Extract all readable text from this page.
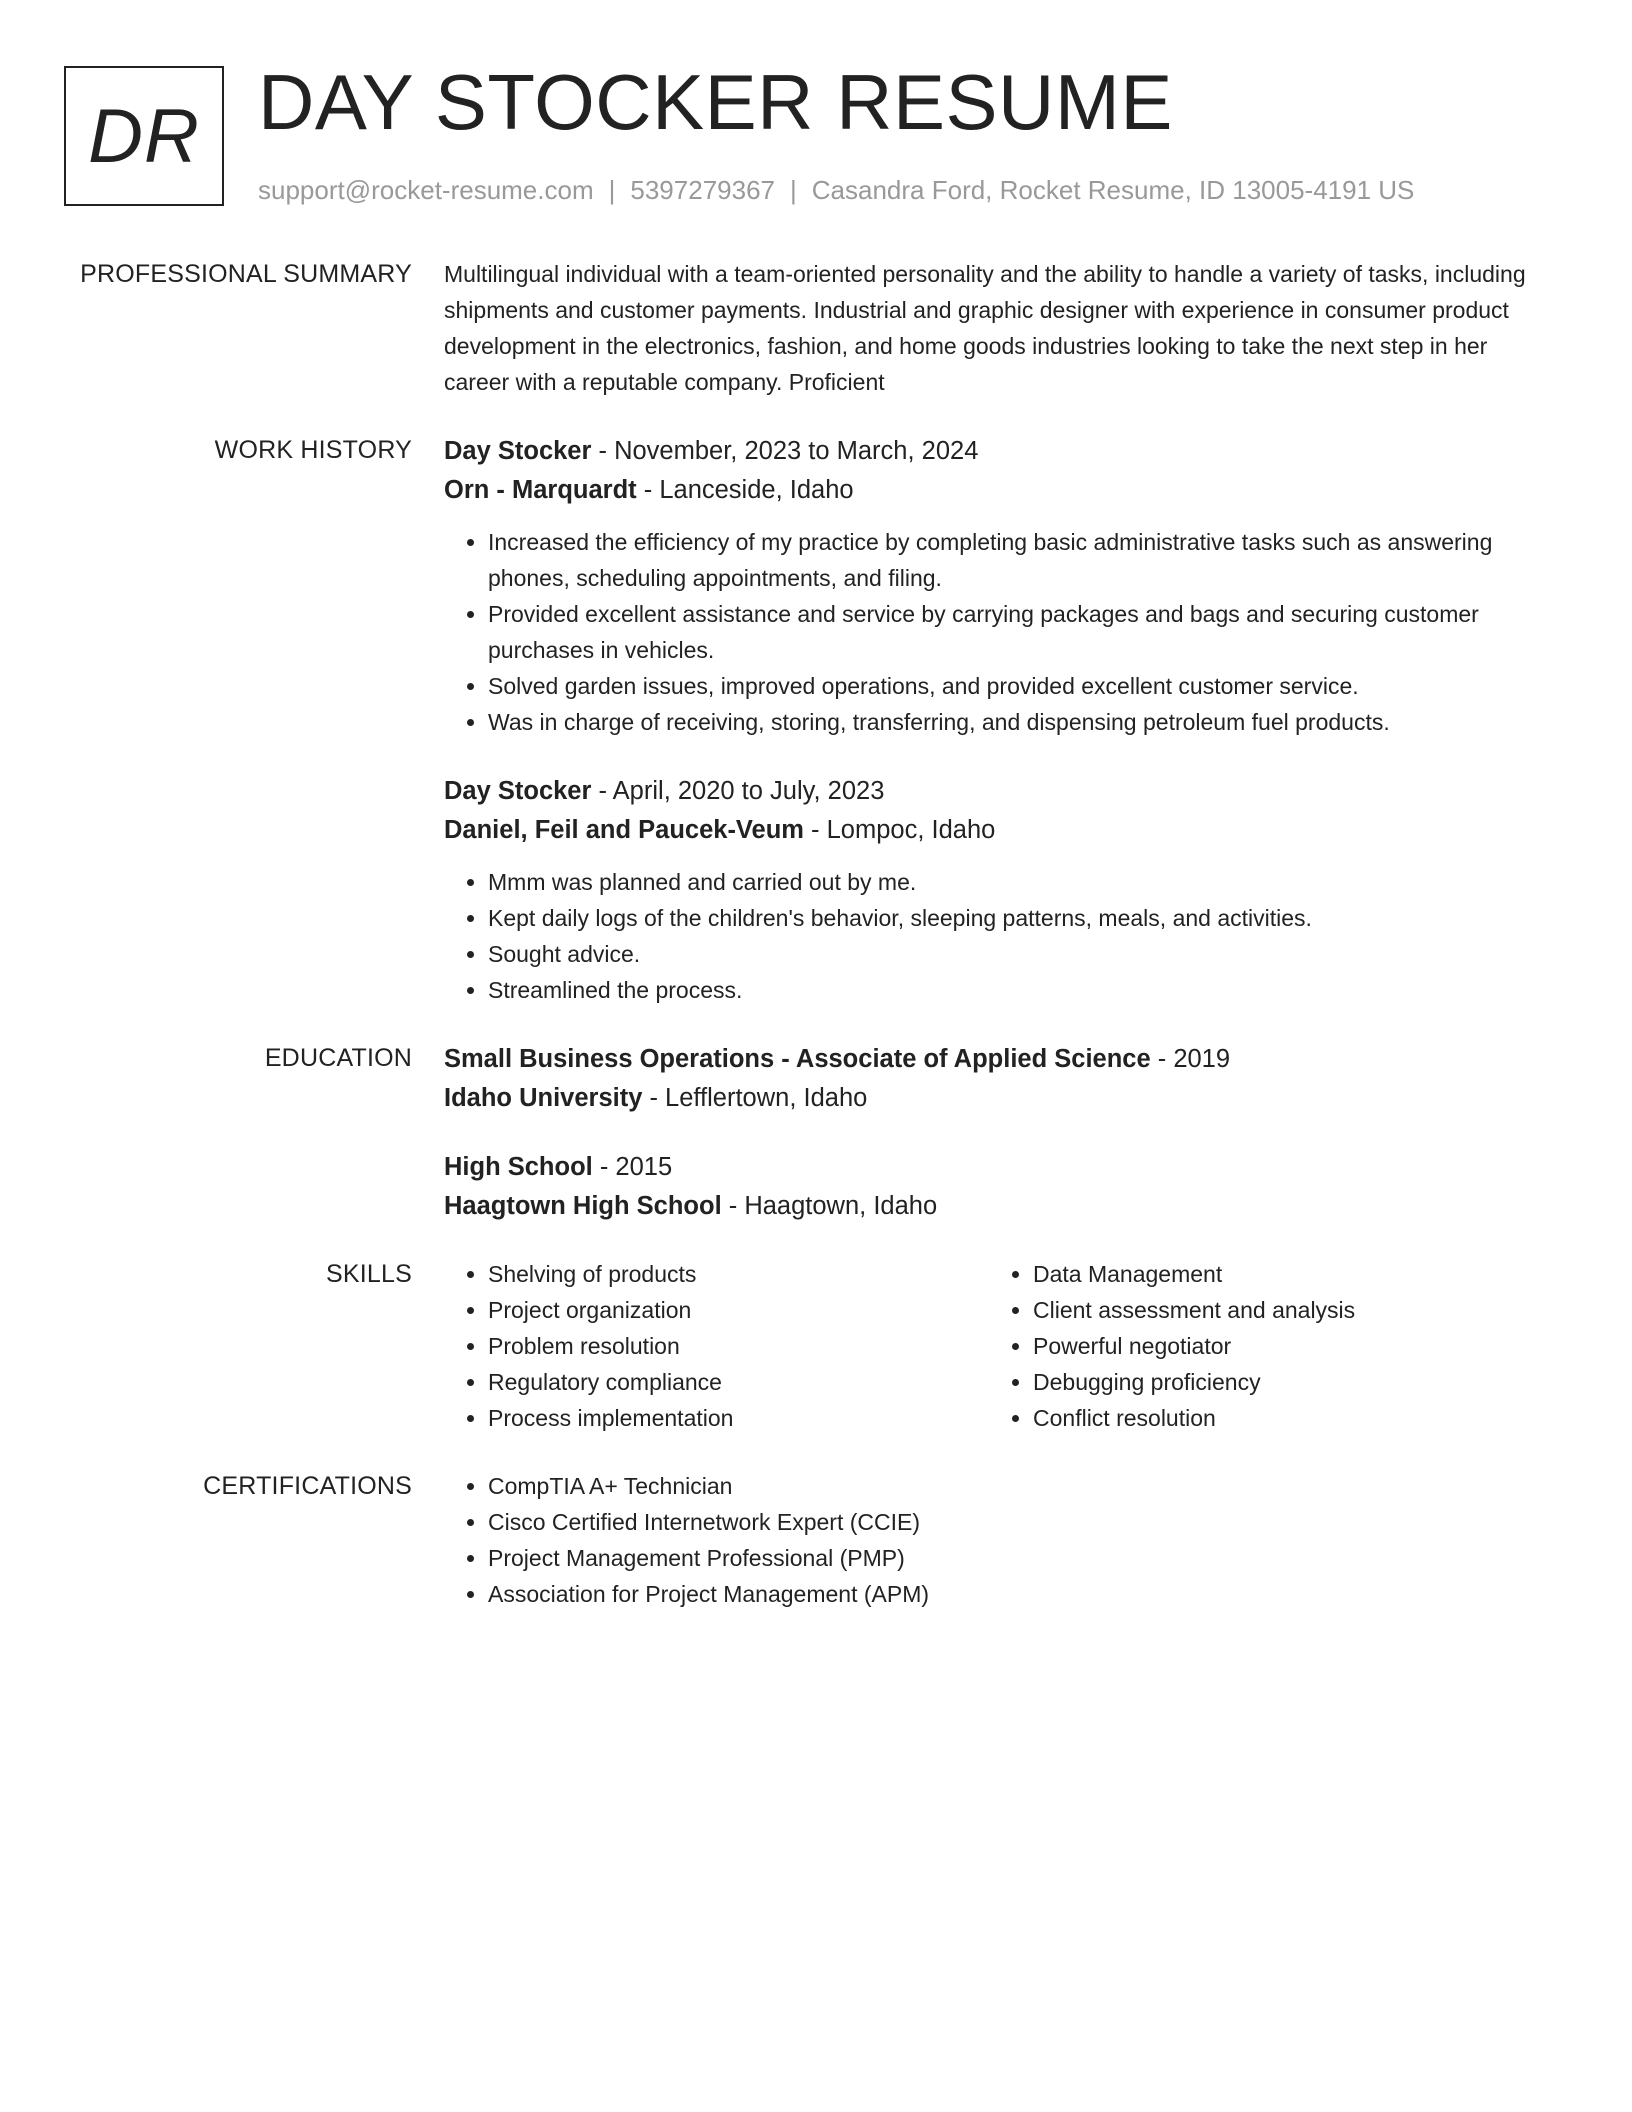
DR DAY STOCKER RESUME
support@rocket-resume.com | 5397279367 | Casandra Ford, Rocket Resume, ID 13005-4191 US
PROFESSIONAL SUMMARY Multilingual individual with a team-oriented personality and the ability to handle a variety of tasks, including shipments and customer payments. Industrial and graphic designer with experience in consumer product development in the electronics, fashion, and home goods industries looking to take the next step in her career with a reputable company. Proficient

WORK HISTORY Day Stocker - November, 2023 to March, 2024
Orn - Marquardt - Lanceside, Idaho
• Increased the efficiency of my practice by completing basic administrative tasks such as answering phones, scheduling appointments, and filing.
• Provided excellent assistance and service by carrying packages and bags and securing customer purchases in vehicles.
• Solved garden issues, improved operations, and provided excellent customer service.
• Was in charge of receiving, storing, transferring, and dispensing petroleum fuel products.
Day Stocker - April, 2020 to July, 2023
Daniel, Feil and Paucek-Veum - Lompoc, Idaho
• Mmm was planned and carried out by me.
• Kept daily logs of the children's behavior, sleeping patterns, meals, and activities.
• Sought advice.
• Streamlined the process.
EDUCATION Small Business Operations - Associate of Applied Science - 2019
Idaho University - Lefflertown, Idaho
High School - 2015
Haagtown High School - Haagtown, Idaho
SKILLS	• Shelving of products
• Project organization
• Problem resolution
• Regulatory compliance
• Process implementation
• Data Management
• Client assessment and analysis
• Powerful negotiator
• Debugging proficiency
• Conflict resolution
CERTIFICATIONS	• CompTIA A+ Technician
• Cisco Certified Internetwork Expert (CCIE)
• Project Management Professional (PMP)
• Association for Project Management (APM)
